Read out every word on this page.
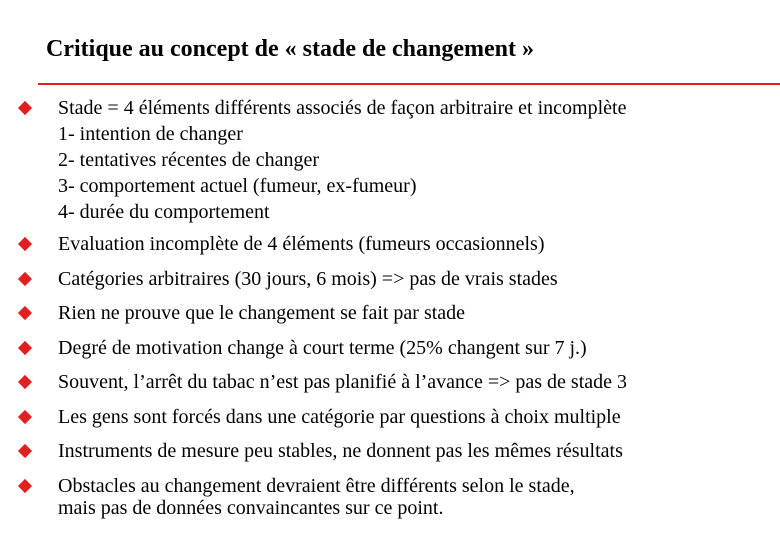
Critique au concept de « stade de changement »
Stade = 4 éléments différents associés de façon arbitraire et incomplète
1- intention de changer
2- tentatives récentes de changer
3- comportement actuel (fumeur, ex-fumeur)
4- durée du comportement
Evaluation incomplète de 4 éléments (fumeurs occasionnels)
Catégories arbitraires (30 jours, 6 mois) => pas de vrais stades
Rien ne prouve que le changement se fait par stade
Degré de motivation change à court terme (25% changent sur 7 j.)
Souvent, l’arrêt du tabac n’est pas planifié à l’avance => pas de stade 3
Les gens sont forcés dans une catégorie par questions à choix multiple
Instruments de mesure peu stables, ne donnent pas les mêmes résultats
Obstacles au changement devraient être différents selon le stade,
mais pas de données convaincantes sur ce point.
